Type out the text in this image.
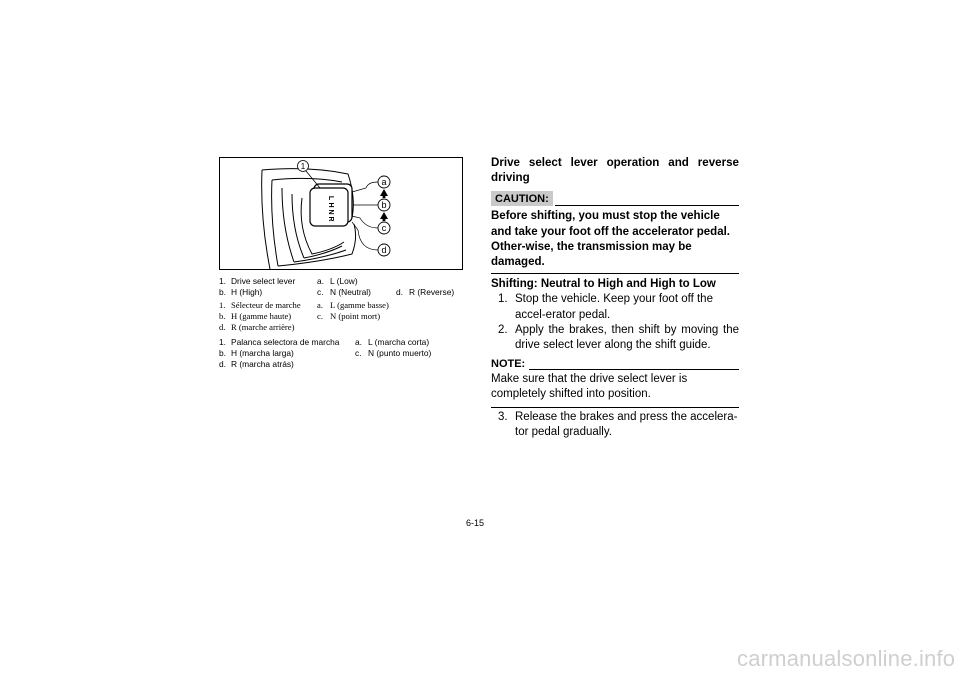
L
H
N
R
1
a
b
c
d
1. Drive select lever	a. L (Low)
b. H (High)	c. N (Neutral)	d. R (Reverse)
1. Sélecteur de marche a. L (gamme basse)
b. H (gamme haute)	c. N (point mort)
d. R (marche arrière)
1. Palanca selectora de marcha a. L (marcha corta)
b. H (marcha larga)	c. N (punto muerto)
d. R (marcha atrás)
Drive select lever operation and reverse driving
CAUTION:
Before shifting, you must stop the vehicle and take your foot off the accelerator pedal. Other-wise, the transmission may be damaged.
Shifting: Neutral to High and High to Low
1. Stop the vehicle. Keep your foot off the accel-erator pedal.
2. Apply the brakes, then shift by moving the drive select lever along the shift guide.
NOTE:
Make sure that the drive select lever is completely shifted into position.
3. Release the brakes and press the accelera-tor pedal gradually.
6-15
carmanualsonline.info
